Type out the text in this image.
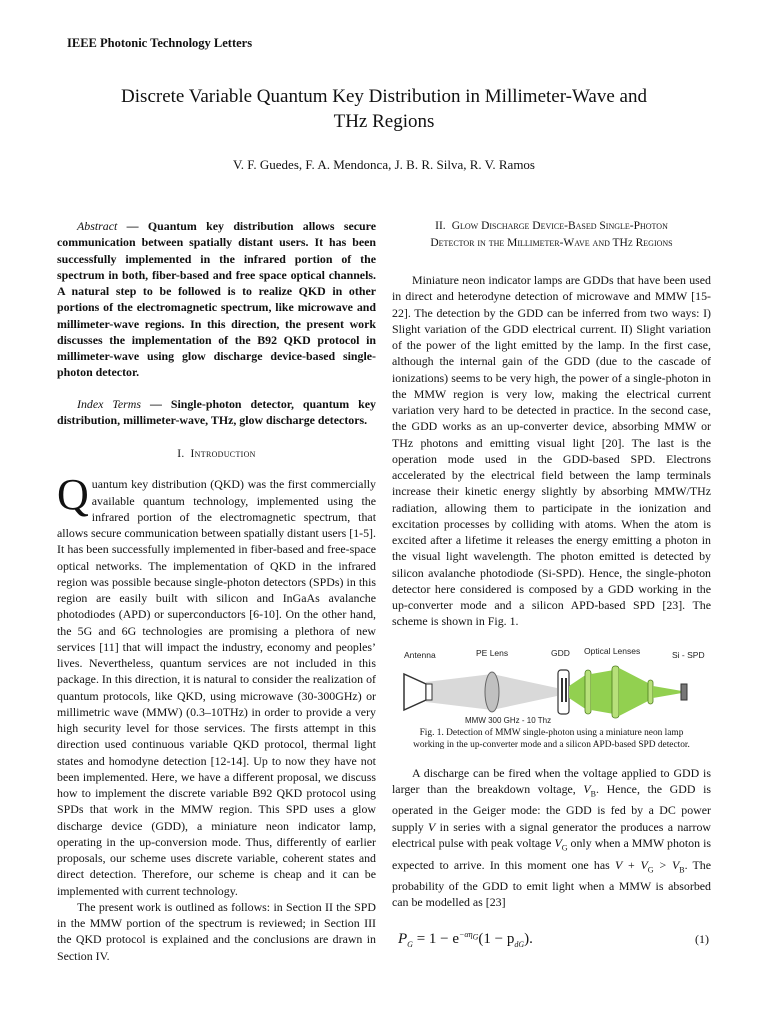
IEEE Photonic Technology Letters
Discrete Variable Quantum Key Distribution in Millimeter-Wave and
THz Regions
V. F. Guedes, F. A. Mendonca, J. B. R. Silva, R. V. Ramos

Abstract — Quantum key distribution allows secure communication between spatially distant users. It has been successfully implemented in the infrared portion of the spectrum in both, fiber-based and free space optical channels. A natural step to be followed is to realize QKD in other portions of the electromagnetic spectrum, like microwave and millimeter-wave regions. In this direction, the present work discusses the implementation of the B92 QKD protocol in millimeter-wave using glow discharge device-based single-photon detector.

Index Terms — Single-photon detector, quantum key distribution, millimeter-wave, THz, glow discharge detectors.

I. Introduction

Quantum key distribution (QKD) was the first commercially available quantum technology, implemented using the infrared portion of the electromagnetic spectrum, that allows secure communication between spatially distant users [1-5]. It has been successfully implemented in fiber-based and free-space optical networks. The implementation of QKD in the infrared region was possible because single-photon detectors (SPDs) in this region are easily built with silicon and InGaAs avalanche photodiodes (APD) or superconductors [6-10]. On the other hand, the 5G and 6G technologies are promising a plethora of new services [11] that will impact the industry, economy and peoples’ lives. Nevertheless, quantum services are not included in this package. In this direction, it is natural to consider the realization of quantum protocols, like QKD, using microwave (30-300GHz) or millimetric wave (MMW) (0.3–10THz) in order to provide a very high security level for those services. The firsts attempt in this direction used continuous variable QKD protocol, thermal light states and homodyne detection [12-14]. Up to now they have not been implemented. Here, we have a different proposal, we discuss how to implement the discrete variable B92 QKD protocol using SPDs that work in the MMW region. This SPD uses a glow discharge device (GDD), a miniature neon indicator lamp, operating in the up-conversion mode. Thus, differently of earlier proposals, our scheme uses discrete variable, coherent states and direct detection. Therefore, our scheme is cheap and it can be implemented with current technology.

The present work is outlined as follows: in Section II the SPD in the MMW portion of the spectrum is reviewed; in Section III the QKD protocol is explained and the conclusions are drawn in Section IV.

II. Glow Discharge Device-Based Single-Photon
Detector in the Millimeter-Wave and THz Regions

Miniature neon indicator lamps are GDDs that have been used in direct and heterodyne detection of microwave and MMW [15-22]. The detection by the GDD can be inferred from two ways: I) Slight variation of the GDD electrical current. II) Slight variation of the power of the light emitted by the lamp. In the first case, although the internal gain of the GDD (due to the cascade of ionizations) seems to be very high, the power of a single-photon in the MMW region is very low, making the electrical current variation very hard to be detected in practice. In the second case, the GDD works as an up-converter device, absorbing MMW or THz photons and emitting visual light [20]. The last is the operation mode used in the GDD-based SPD. Electrons accelerated by the electrical field between the lamp terminals increase their kinetic energy slightly by absorbing MMW/THz radiation, allowing them to participate in the ionization and excitation processes by colliding with atoms. When the atom is excited after a lifetime it releases the energy emitting a photon in the visual light wavelength. The photon emitted is detected by silicon avalanche photodiode (Si-SPD). Hence, the single-photon detector here considered is composed by a GDD working in the up-converter mode and a silicon APD-based SPD [23]. The scheme is shown in Fig. 1.

Antenna	PE Lens	GDD Optical Lenses	Si - SPD
MMW 300 GHz - 10 Thz
Fig. 1. Detection of MMW single-photon using a miniature neon lamp
working in the up-converter mode and a silicon APD-based SPD detector.

A discharge can be fired when the voltage applied to GDD is larger than the breakdown voltage, $V_B$. Hence, the GDD is operated in the Geiger mode: the GDD is fed by a DC power supply V in series with a signal generator the produces a narrow electrical pulse with peak voltage $V_G$ only when a MMW photon is expected to arrive. In this moment one has $V + V_G > V_B$. The probability of the GDD to emit light when a MMW is absorbed can be modelled as [23]

$P_G = 1 - e^{-\alpha\eta_G}(1 - p_{dG})$.	(1)
